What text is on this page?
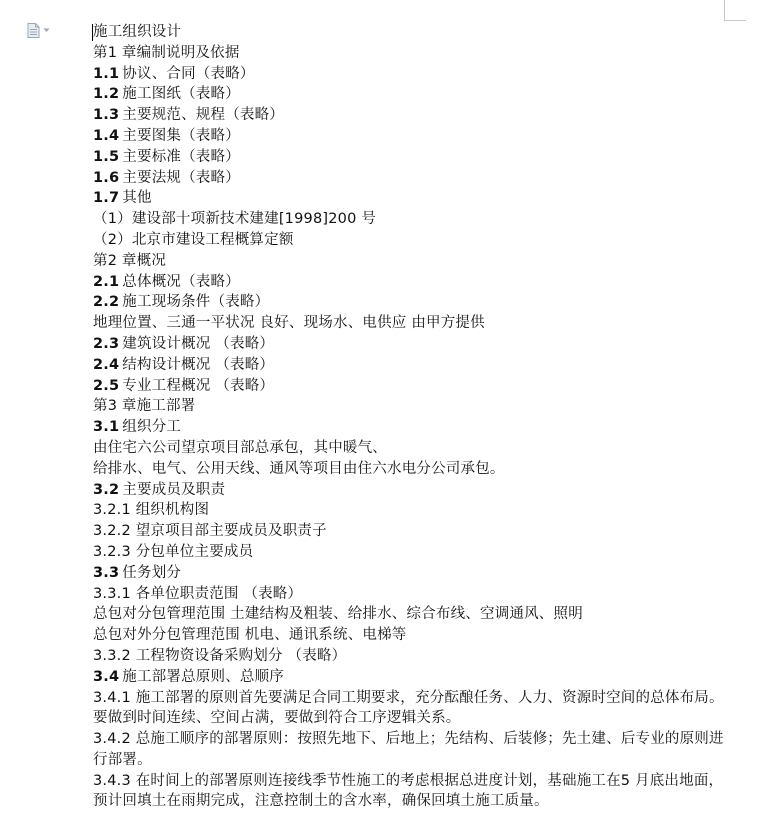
施工组织设计
第1 章编制说明及依据
1.1 协议、合同（表略）
1.2 施工图纸（表略）
1.3 主要规范、规程（表略）
1.4 主要图集（表略）
1.5 主要标准（表略）
1.6 主要法规（表略）
1.7 其他
（1）建设部十项新技术建建[1998]200 号
（2）北京市建设工程概算定额
第2 章概况
2.1 总体概况（表略）
2.2 施工现场条件（表略）
地理位置、三通一平状况 良好、现场水、电供应 由甲方提供
2.3 建筑设计概况 （表略）
2.4 结构设计概况 （表略）
2.5 专业工程概况 （表略）
第3 章施工部署
3.1 组织分工
由住宅六公司望京项目部总承包，其中暖气、
给排水、电气、公用天线、通风等项目由住六水电分公司承包。
3.2 主要成员及职责
3.2.1 组织机构图
3.2.2 望京项目部主要成员及职责子
3.2.3 分包单位主要成员
3.3 任务划分
3.3.1 各单位职责范围 （表略）
总包对分包管理范围 土建结构及粗装、给排水、综合布线、空调通风、照明
总包对外分包管理范围 机电、通讯系统、电梯等
3.3.2 工程物资设备采购划分 （表略）
3.4 施工部署总原则、总顺序
3.4.1 施工部署的原则首先要满足合同工期要求，充分酝酿任务、人力、资源时空间的总体布局。要做到时间连续、空间占满，要做到符合工序逻辑关系。
3.4.2 总施工顺序的部署原则：按照先地下、后地上；先结构、后装修；先土建、后专业的原则进行部署。
3.4.3 在时间上的部署原则连接线季节性施工的考虑根据总进度计划，基础施工在5 月底出地面，预计回填土在雨期完成，注意控制土的含水率，确保回填土施工质量。
